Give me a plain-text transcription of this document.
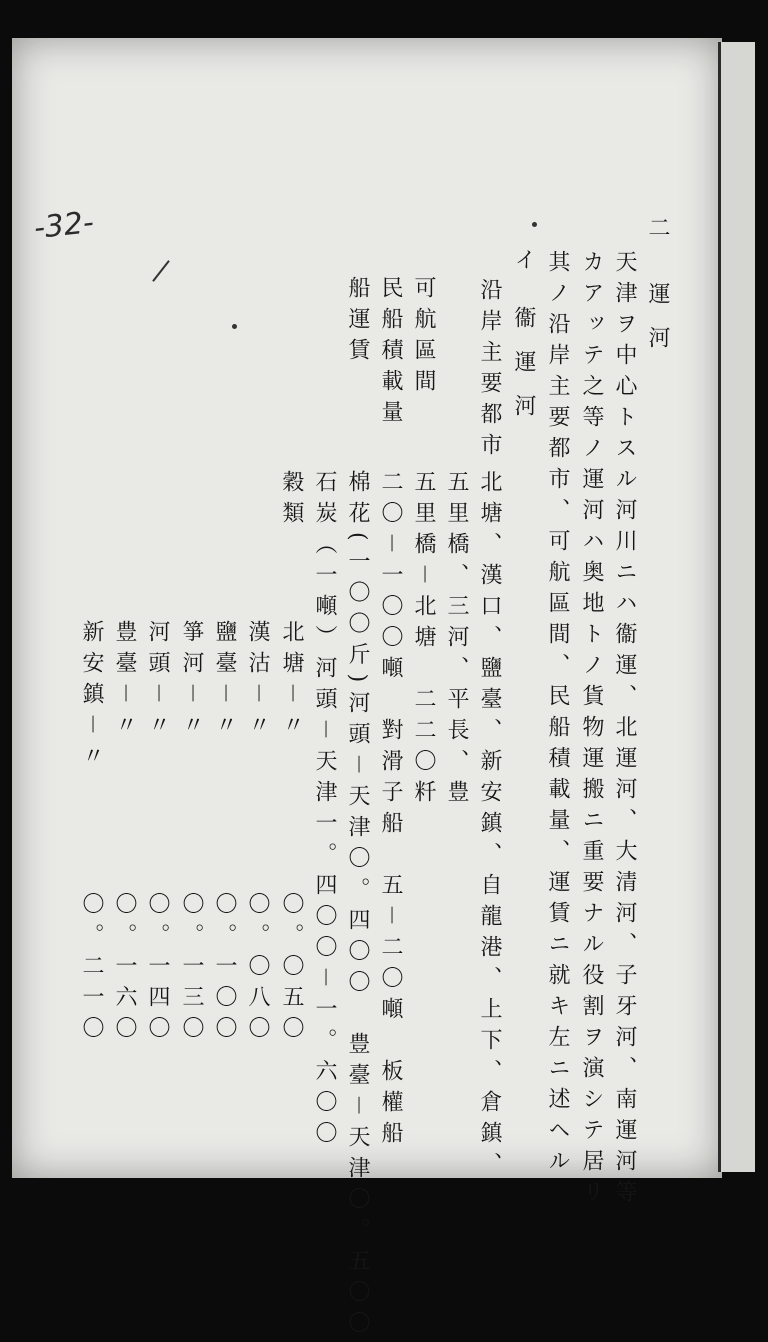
-32-	二
運河
天津ヲ中心トスル河川ニハ衞運、北運河、大清河、子牙河、南運河等
カアッテ之等ノ運河ハ奥地トノ貨物運搬ニ重要ナル役割ヲ演シテ居リ
其ノ沿岸主要都市、可航區間、民船積載量、運賃ニ就キ左ニ述ヘル
イ
衞運河
沿岸主要都市
北塘、漢口、鹽臺、新安鎮、自龍港、上下、倉鎮、
五里橋、三河、平長、豊
可航區間
五里橋－北塘　二二〇粁
民船積載量
二〇－一〇〇噸　對滑子船　五－二〇噸　板權船
船運賃
棉花(一〇〇斤)河頭－天津〇。四〇〇　豊臺－天津〇。五〇〇
石炭（一噸）河頭－天津一。四〇〇－一。六〇〇
穀類
北塘－〃
〇。〇五〇
漢沽－〃
〇。〇八〇
鹽臺－〃
〇。一〇〇
箏河－〃
〇。一三〇
河頭－〃
〇。一四〇
豊臺－〃
〇。一六〇
新安鎮－〃
〇。二一〇
